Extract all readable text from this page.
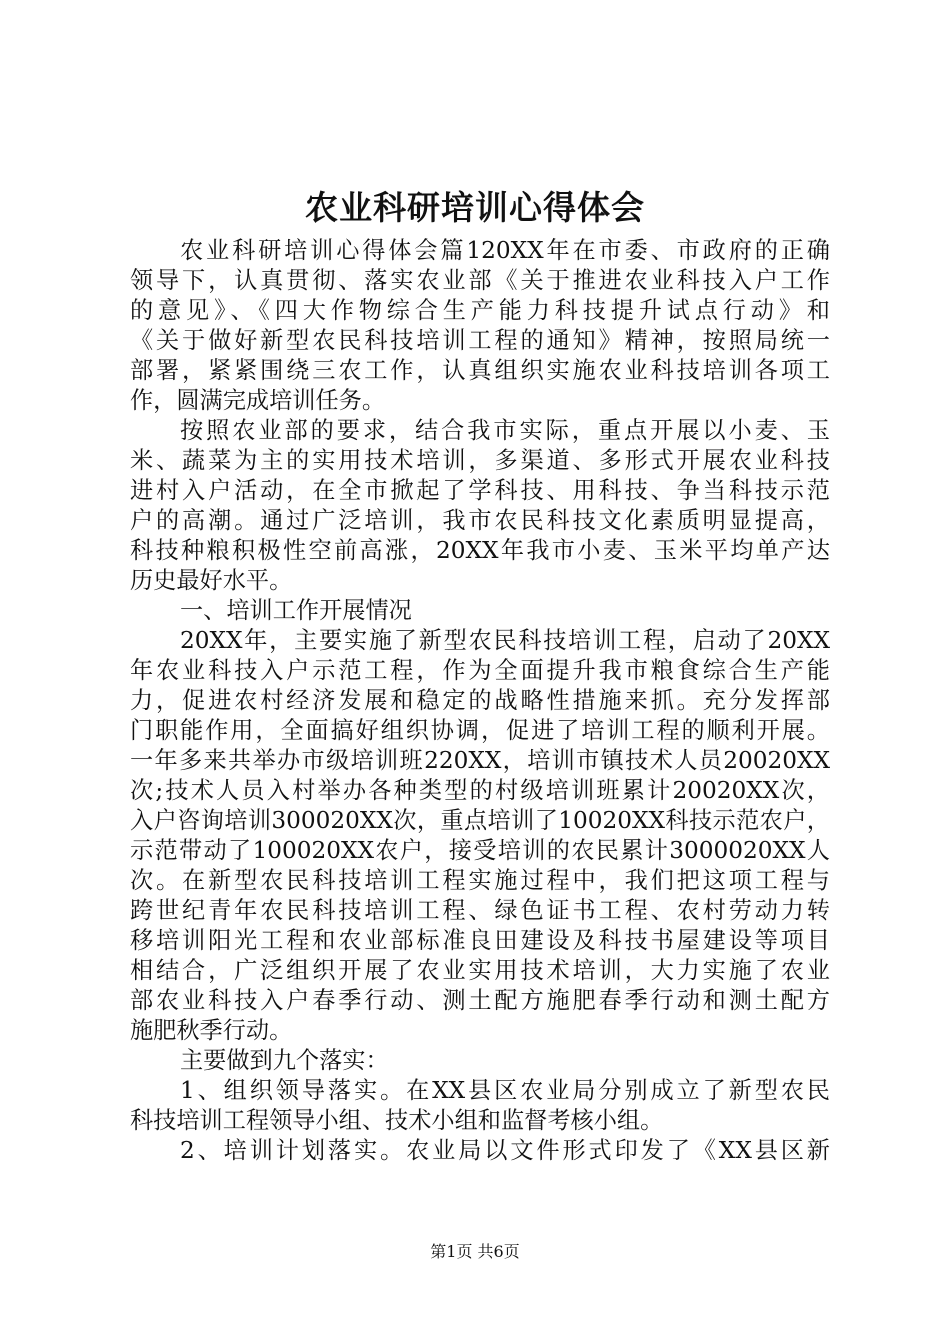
农业科研培训心得体会
农业科研培训心得体会篇120XX年在市委、市政府的正确
领导下，认真贯彻、落实农业部《关于推进农业科技入户工作
的意见》、《四大作物综合生产能力科技提升试点行动》和
《关于做好新型农民科技培训工程的通知》精神，按照局统一
部署，紧紧围绕三农工作，认真组织实施农业科技培训各项工
作，圆满完成培训任务。
按照农业部的要求，结合我市实际，重点开展以小麦、玉
米、蔬菜为主的实用技术培训，多渠道、多形式开展农业科技
进村入户活动，在全市掀起了学科技、用科技、争当科技示范
户的高潮。通过广泛培训，我市农民科技文化素质明显提高，
科技种粮积极性空前高涨，20XX年我市小麦、玉米平均单产达
历史最好水平。
一、培训工作开展情况
20XX年，主要实施了新型农民科技培训工程，启动了20XX
年农业科技入户示范工程，作为全面提升我市粮食综合生产能
力，促进农村经济发展和稳定的战略性措施来抓。充分发挥部
门职能作用，全面搞好组织协调，促进了培训工程的顺利开展。
一年多来共举办市级培训班220XX，培训市镇技术人员20020XX
次;技术人员入村举办各种类型的村级培训班累计20020XX次，
入户咨询培训300020XX次，重点培训了10020XX科技示范农户，
示范带动了100020XX农户，接受培训的农民累计3000020XX人
次。在新型农民科技培训工程实施过程中，我们把这项工程与
跨世纪青年农民科技培训工程、绿色证书工程、农村劳动力转
移培训阳光工程和农业部标准良田建设及科技书屋建设等项目
相结合，广泛组织开展了农业实用技术培训，大力实施了农业
部农业科技入户春季行动、测土配方施肥春季行动和测土配方
施肥秋季行动。
主要做到九个落实：
1、组织领导落实。在XX县区农业局分别成立了新型农民
科技培训工程领导小组、技术小组和监督考核小组。
2、培训计划落实。农业局以文件形式印发了《XX县区新
第1页 共6页
